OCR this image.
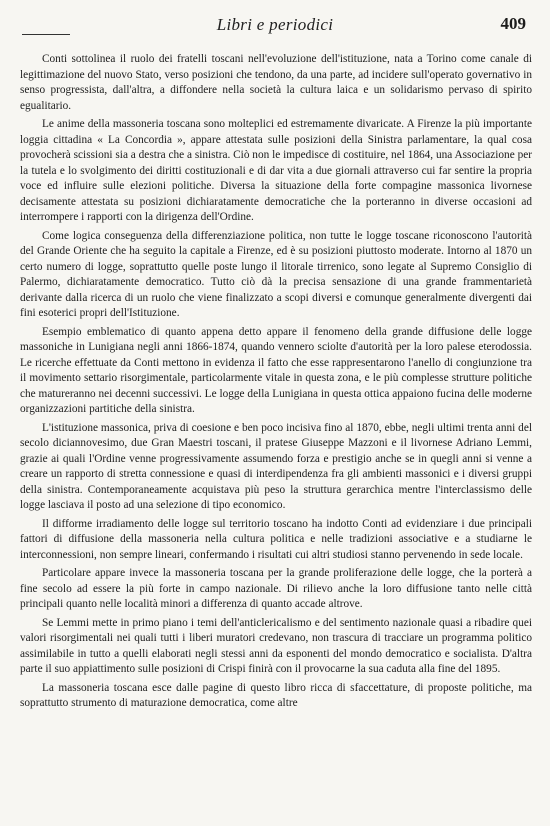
Libri e periodici	409

Conti sottolinea il ruolo dei fratelli toscani nell'evoluzione dell'istituzione, nata a Torino come canale di legittimazione del nuovo Stato, verso posizioni che tendono, da una parte, ad incidere sull'operato governativo in senso progressista, dall'altra, a diffondere nella società la cultura laica e un solidarismo pervaso di spirito egualitario.

Le anime della massoneria toscana sono molteplici ed estremamente divaricate. A Firenze la più importante loggia cittadina « La Concordia », appare attestata sulle posizioni della Sinistra parlamentare, la qual cosa provocherà scissioni sia a destra che a sinistra. Ciò non le impedisce di costituire, nel 1864, una Associazione per la tutela e lo svolgimento dei diritti costituzionali e di dar vita a due giornali attraverso cui far sentire la propria voce ed influire sulle elezioni politiche. Diversa la situazione della forte compagine massonica livornese decisamente attestata su posizioni dichiaratamente democratiche che la porteranno in diverse occasioni ad interrompere i rapporti con la dirigenza dell'Ordine.

Come logica conseguenza della differenziazione politica, non tutte le logge toscane riconoscono l'autorità del Grande Oriente che ha seguito la capitale a Firenze, ed è su posizioni piuttosto moderate. Intorno al 1870 un certo numero di logge, soprattutto quelle poste lungo il litorale tirrenico, sono legate al Supremo Consiglio di Palermo, dichiaratamente democratico. Tutto ciò dà la precisa sensazione di una grande frammentarietà derivante dalla ricerca di un ruolo che viene finalizzato a scopi diversi e comunque generalmente divergenti dai fini esoterici propri dell'Istituzione.

Esempio emblematico di quanto appena detto appare il fenomeno della grande diffusione delle logge massoniche in Lunigiana negli anni 1866-1874, quando vennero sciolte d'autorità per la loro palese eterodossia. Le ricerche effettuate da Conti mettono in evidenza il fatto che esse rappresentarono l'anello di congiunzione tra il movimento settario risorgimentale, particolarmente vitale in questa zona, e le più complesse strutture politiche che matureranno nei decenni successivi. Le logge della Lunigiana in questa ottica appaiono fucina delle moderne organizzazioni partitiche della sinistra.

L'istituzione massonica, priva di coesione e ben poco incisiva fino al 1870, ebbe, negli ultimi trenta anni del secolo diciannovesimo, due Gran Maestri toscani, il pratese Giuseppe Mazzoni e il livornese Adriano Lemmi, grazie ai quali l'Ordine venne progressivamente assumendo forza e prestigio anche se in quegli anni si venne a creare un rapporto di stretta connessione e quasi di interdipendenza fra gli ambienti massonici e i diversi gruppi della sinistra. Contemporaneamente acquistava più peso la struttura gerarchica mentre l'interclassismo delle logge lasciava il posto ad una selezione di tipo economico.

Il difforme irradiamento delle logge sul territorio toscano ha indotto Conti ad evidenziare i due principali fattori di diffusione della massoneria nella cultura politica e nelle tradizioni associative e a studiarne le interconnessioni, non sempre lineari, confermando i risultati cui altri studiosi stanno pervenendo in sede locale.

Particolare appare invece la massoneria toscana per la grande proliferazione delle logge, che la porterà a fine secolo ad essere la più forte in campo nazionale. Di rilievo anche la loro diffusione tanto nelle città principali quanto nelle località minori a differenza di quanto accade altrove.

Se Lemmi mette in primo piano i temi dell'anticlericalismo e del sentimento nazionale quasi a ribadire quei valori risorgimentali nei quali tutti i liberi muratori credevano, non trascura di tracciare un programma politico assimilabile in tutto a quelli elaborati negli stessi anni da esponenti del mondo democratico e socialista. D'altra parte il suo appiattimento sulle posizioni di Crispi finirà con il provocarne la sua caduta alla fine del 1895.

La massoneria toscana esce dalle pagine di questo libro ricca di sfaccettature, di proposte politiche, ma soprattutto strumento di maturazione democratica, come altre
